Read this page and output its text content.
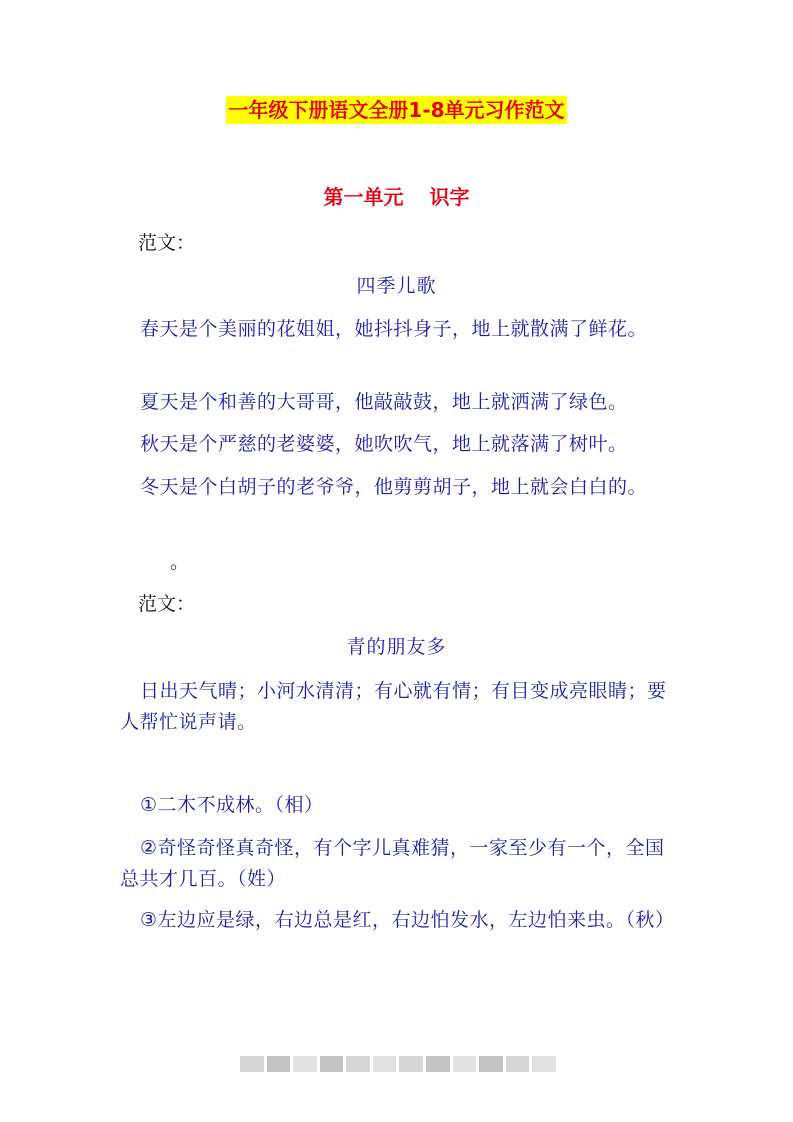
一年级下册语文全册1-8单元习作范文
第一单元 识字
范文：
四季儿歌
春天是个美丽的花姐姐，她抖抖身子，地上就散满了鲜花。
夏天是个和善的大哥哥，他敲敲鼓，地上就洒满了绿色。
秋天是个严慈的老婆婆，她吹吹气，地上就落满了树叶。
冬天是个白胡子的老爷爷，他剪剪胡子，地上就会白白的。
。
范文：
青的朋友多
日出天气晴；小河水清清；有心就有情；有目变成亮眼睛；要人帮忙说声请。
①二木不成林。（相）
②奇怪奇怪真奇怪，有个字儿真难猜，一家至少有一个，全国总共才几百。（姓）
③左边应是绿，右边总是红，右边怕发水，左边怕来虫。（秋）
